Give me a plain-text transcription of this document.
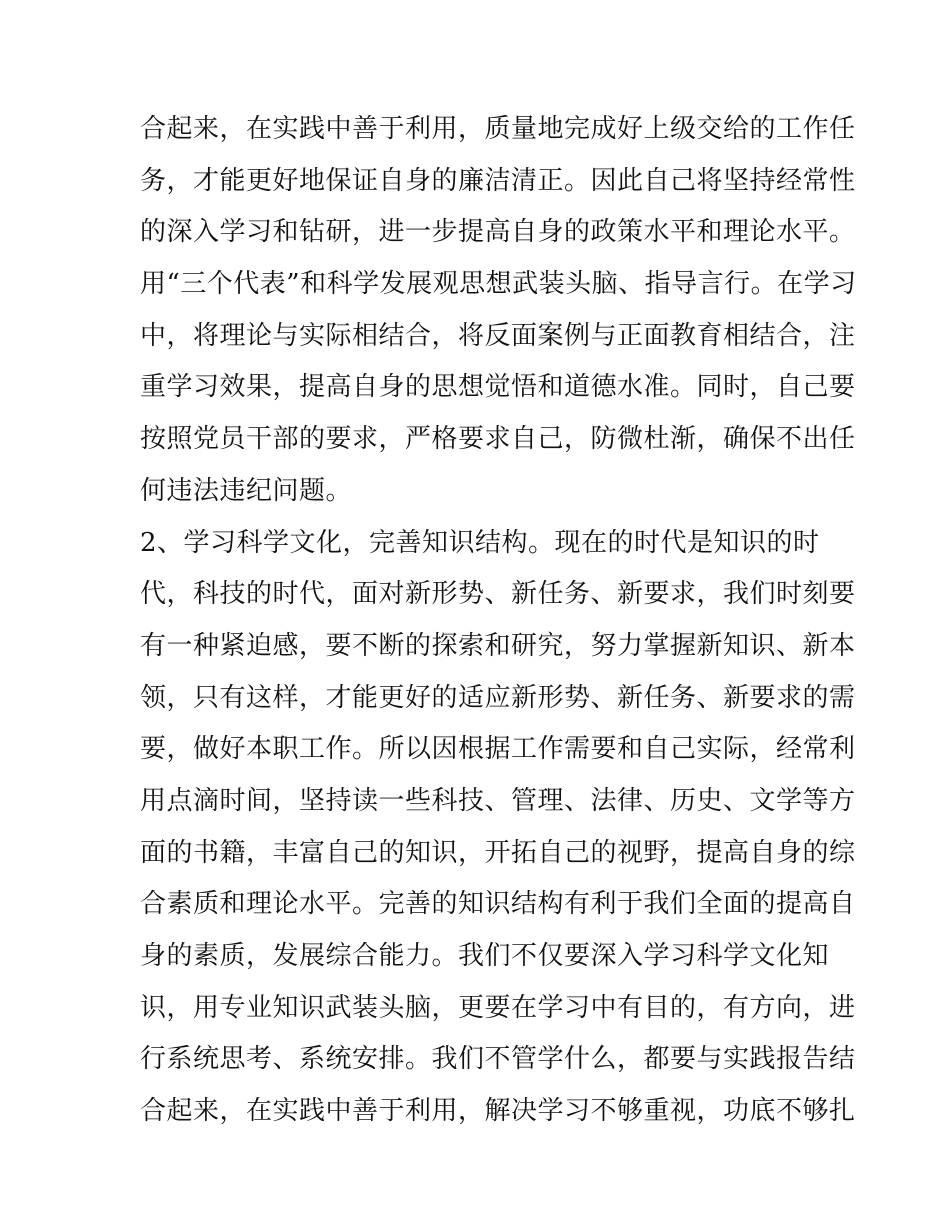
合起来，在实践中善于利用，质量地完成好上级交给的工作任
务，才能更好地保证自身的廉洁清正。因此自己将坚持经常性
的深入学习和钻研，进一步提高自身的政策水平和理论水平。
用“三个代表”和科学发展观思想武装头脑、指导言行。在学习
中，将理论与实际相结合，将反面案例与正面教育相结合，注
重学习效果，提高自身的思想觉悟和道德水准。同时，自己要
按照党员干部的要求，严格要求自己，防微杜渐，确保不出任
何违法违纪问题。
2、学习科学文化，完善知识结构。现在的时代是知识的时
代，科技的时代，面对新形势、新任务、新要求，我们时刻要
有一种紧迫感，要不断的探索和研究，努力掌握新知识、新本
领，只有这样，才能更好的适应新形势、新任务、新要求的需
要，做好本职工作。所以因根据工作需要和自己实际，经常利
用点滴时间，坚持读一些科技、管理、法律、历史、文学等方
面的书籍，丰富自己的知识，开拓自己的视野，提高自身的综
合素质和理论水平。完善的知识结构有利于我们全面的提高自
身的素质，发展综合能力。我们不仅要深入学习科学文化知
识，用专业知识武装头脑，更要在学习中有目的，有方向，进
行系统思考、系统安排。我们不管学什么，都要与实践报告结
合起来，在实践中善于利用，解决学习不够重视，功底不够扎
